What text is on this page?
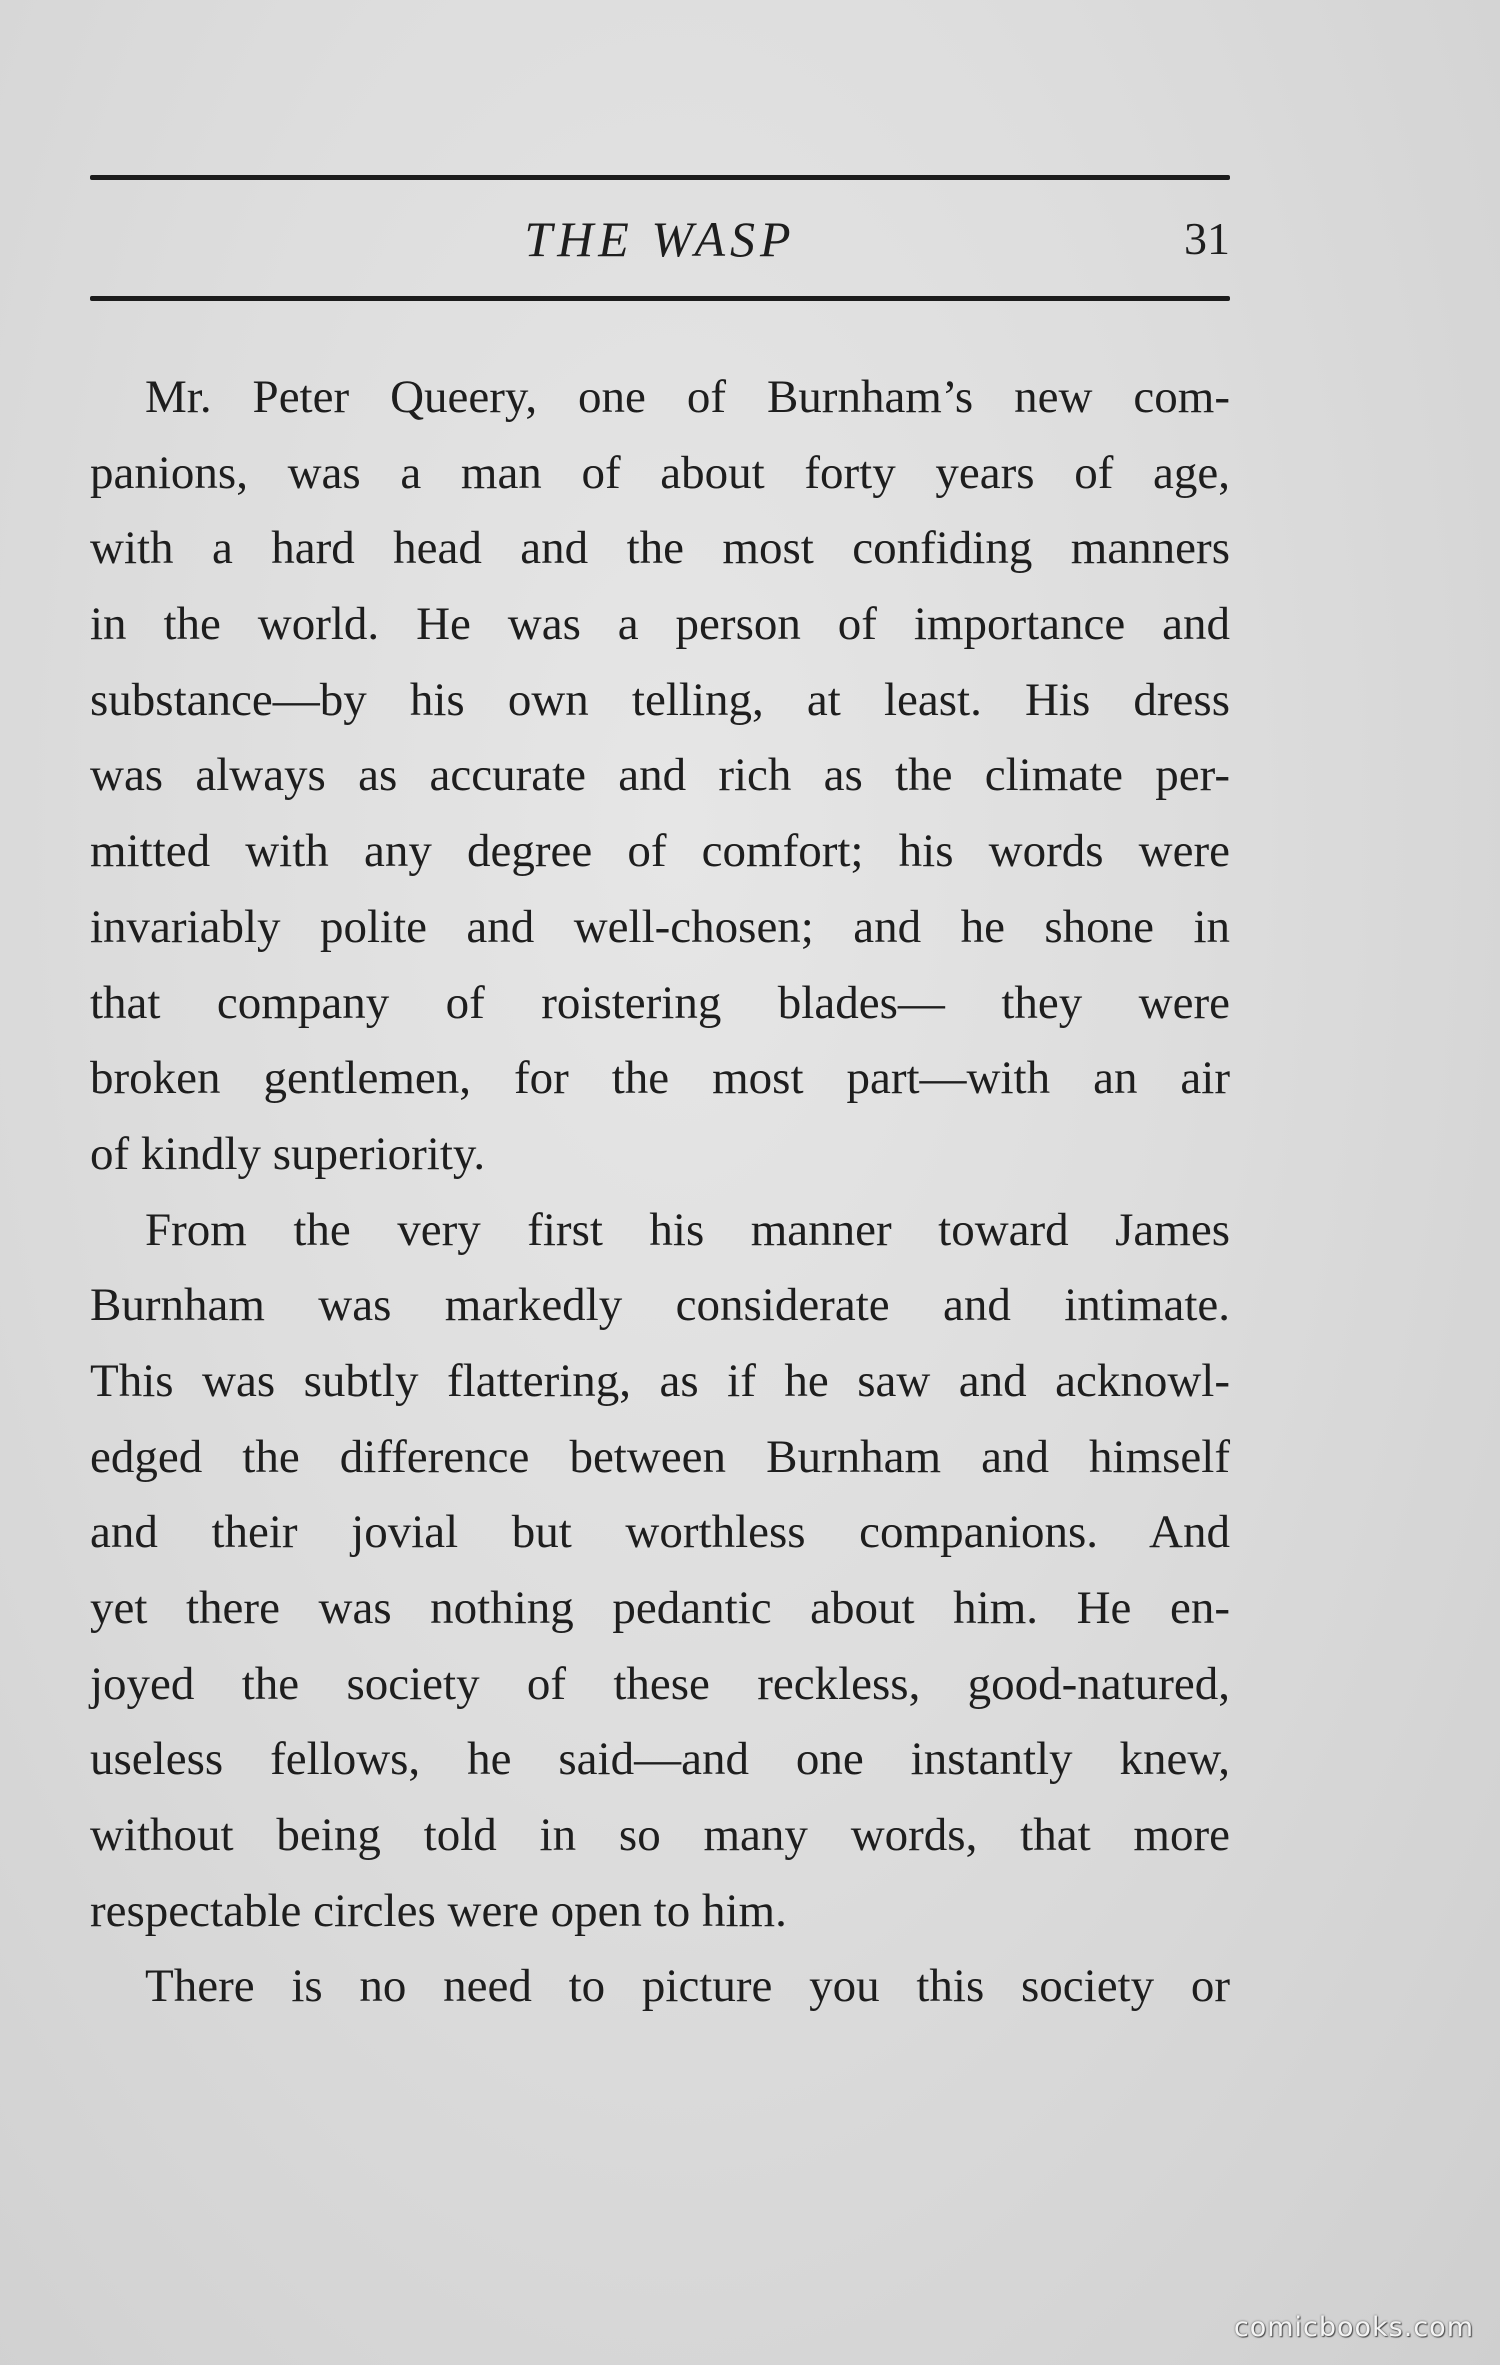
THE WASP	31
Mr. Peter Queery, one of Burnham’s new com-
panions, was a man of about forty years of age,
with a hard head and the most confiding manners
in the world. He was a person of importance and
substance—by his own telling, at least. His dress
was always as accurate and rich as the climate per-
mitted with any degree of comfort; his words were
invariably polite and well-chosen; and he shone in
that company of roistering blades— they were
broken gentlemen, for the most part—with an air
of kindly superiority.
From the very first his manner toward James
Burnham was markedly considerate and intimate.
This was subtly flattering, as if he saw and acknowl-
edged the difference between Burnham and himself
and their jovial but worthless companions. And
yet there was nothing pedantic about him. He en-
joyed the society of these reckless, good-natured,
useless fellows, he said—and one instantly knew,
without being told in so many words, that more
respectable circles were open to him.
There is no need to picture you this society or
comicbooks.com
